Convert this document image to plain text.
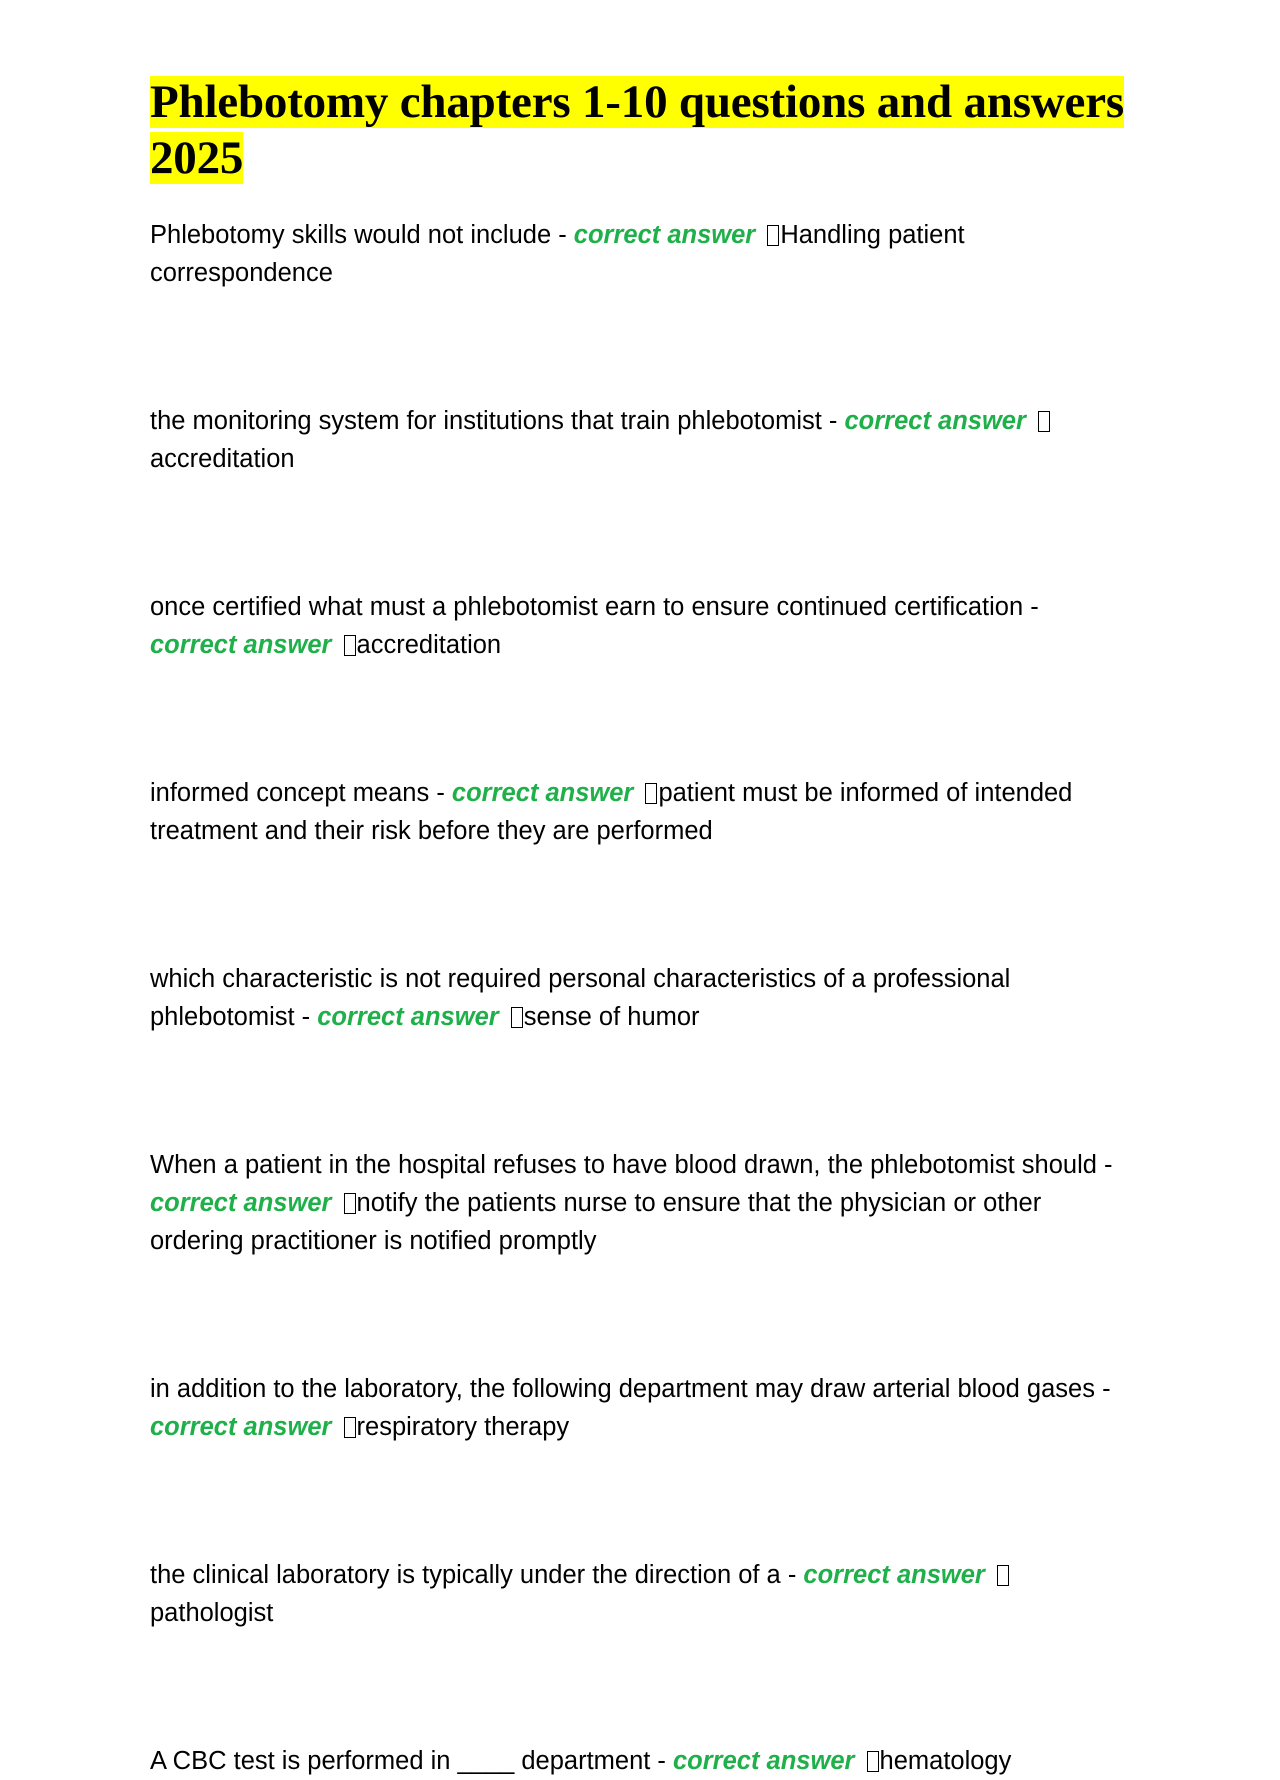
Phlebotomy chapters 1-10 questions and answers 2025

Phlebotomy skills would not include - correct answer Handling patient correspondence

the monitoring system for institutions that train phlebotomist - correct answer accreditation

once certified what must a phlebotomist earn to ensure continued certification - correct answer accreditation

informed concept means - correct answer patient must be informed of intended treatment and their risk before they are performed

which characteristic is not required personal characteristics of a professional phlebotomist - correct answer sense of humor

When a patient in the hospital refuses to have blood drawn, the phlebotomist should - correct answer notify the patients nurse to ensure that the physician or other ordering practitioner is notified promptly

in addition to the laboratory, the following department may draw arterial blood gases - correct answer respiratory therapy

the clinical laboratory is typically under the direction of a - correct answer pathologist

A CBC test is performed in ____ department - correct answer hematology
